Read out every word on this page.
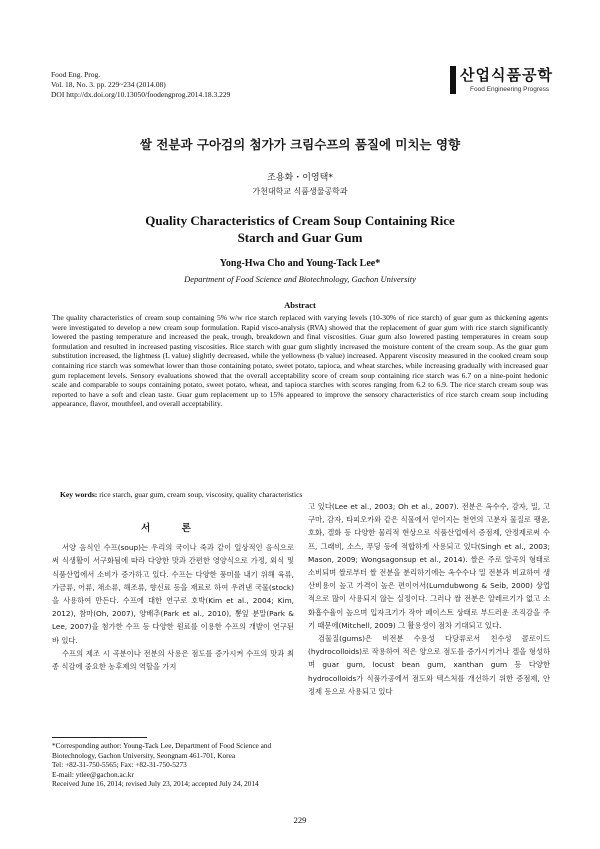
Food Eng. Prog.
Vol. 18, No. 3. pp. 229~234 (2014.08)
DOI http://dx.doi.org/10.13050/foodengprog.2014.18.3.229
산업식품공학
Food Engineering Progress
쌀 전분과 구아검의 첨가가 크림수프의 품질에 미치는 영향
조용화・이영택*
가천대학교 식품생물공학과
Quality Characteristics of Cream Soup Containing Rice
Starch and Guar Gum
Yong-Hwa Cho and Young-Tack Lee*
Department of Food Science and Biotechnology, Gachon University
Abstract
The quality characteristics of cream soup containing 5% w/w rice starch replaced with varying levels (10-30% of rice starch) of guar gum as thickening agents were investigated to develop a new cream soup formulation. Rapid visco-analysis (RVA) showed that the replacement of guar gum with rice starch significantly lowered the pasting temperature and increased the peak, trough, breakdown and final viscosities. Guar gum also lowered pasting temperatures in cream soup formulation and resulted in increased pasting viscosities. Rice starch with guar gum slightly increased the moisture content of the cream soup. As the guar gum substitution increased, the lightness (L value) slightly decreased, while the yellowness (b value) increased. Apparent viscosity measured in the cooked cream soup containing rice starch was somewhat lower than those containing potato, sweet potato, tapioca, and wheat starches, while increasing gradually with increased guar gum replacement levels. Sensory evaluations showed that the overall acceptability score of cream soup containing rice starch was 6.7 on a nine-point hedonic scale and comparable to soups containing potato, sweet potato, wheat, and tapioca starches with scores ranging from 6.2 to 6.9. The rice starch cream soup was reported to have a soft and clean taste. Guar gum replacement up to 15% appeared to improve the sensory characteristics of rice starch cream soup including appearance, flavor, mouthfeel, and overall acceptability.
Key words: rice starch, guar gum, cream soup, viscosity, quality characteristics
서 론

서양 음식인 수프(soup)는 우리의 국이나 죽과 같이 일상적인 음식으로써 식생활이 서구화됨에 따라 다양한 맛과 간편한 영양식으로 가정, 외식 및 식품산업에서 소비가 증가하고 있다. 수프는 다양한 풍미를 내기 위해 육류, 가금류, 어류, 채소류, 해조류, 향신료 등을 재료로 하여 우려낸 국물(stock)을 사용하여 만든다. 수프에 대한 연구로 호박(Kim et al., 2004; Kim, 2012), 참마(Oh, 2007), 양배추(Park et al., 2010), 뽕잎 분말(Park & Lee, 2007)을 첨가한 수프 등 다양한 원료를 이용한 수프의 개발이 연구된 바 있다.

수프의 제조 시 곡분이나 전분의 사용은 점도를 증가시켜 수프의 맛과 최종 식감에 중요한 농후제의 역할을 가지

고 있다(Lee et al., 2003; Oh et al., 2007). 전분은 옥수수, 감자, 밀, 고구마, 감자, 타피오카와 같은 식물에서 얻어지는 천연의 고분자 물질로 팽윤, 호화, 겔화 등 다양한 물리적 현상으로 식품산업에서 증점제, 안정제로써 수프, 그래비, 소스, 푸딩 등에 적합하게 사용되고 있다(Singh et al., 2003; Mason, 2009; Wongsagonsup et al., 2014). 쌀은 주로 알곡의 형태로 소비되며 쌀로부터 쌀 전분을 분리하기에는 옥수수나 밀 전분과 비교하여 생산비용이 높고 가격이 높은 편이어서(Lumdubwong & Seib, 2000) 상업적으로 많이 사용되지 않는 실정이다. 그러나 쌀 전분은 알레르기가 없고 소화흡수율이 높으며 입자크기가 작아 페이스트 상태로 부드러운 조직감을 주기 때문에(Mitchell, 2009) 그 활용성이 점차 기대되고 있다.

검물질(gums)은 비전분 수용성 다당류로서 친수성 콜로이드(hydrocolloids)로 작용하여 적은 양으로 점도를 증가시키거나 겔을 형성하며 guar gum, locust bean gum, xanthan gum 등 다양한 hydrocolloids가 식품가공에서 점도와 텍스처를 개선하기 위한 증점제, 안정제 등으로 사용되고 있다

*Corresponding author: Young-Tack Lee, Department of Food Science and Biotechnology, Gachon University, Seongnam 461-701, Korea
Tel: +82-31-750-5565; Fax: +82-31-750-5273
E-mail: ytlee@gachon.ac.kr
Received June 16, 2014; revised July 23, 2014; accepted July 24, 2014
229
